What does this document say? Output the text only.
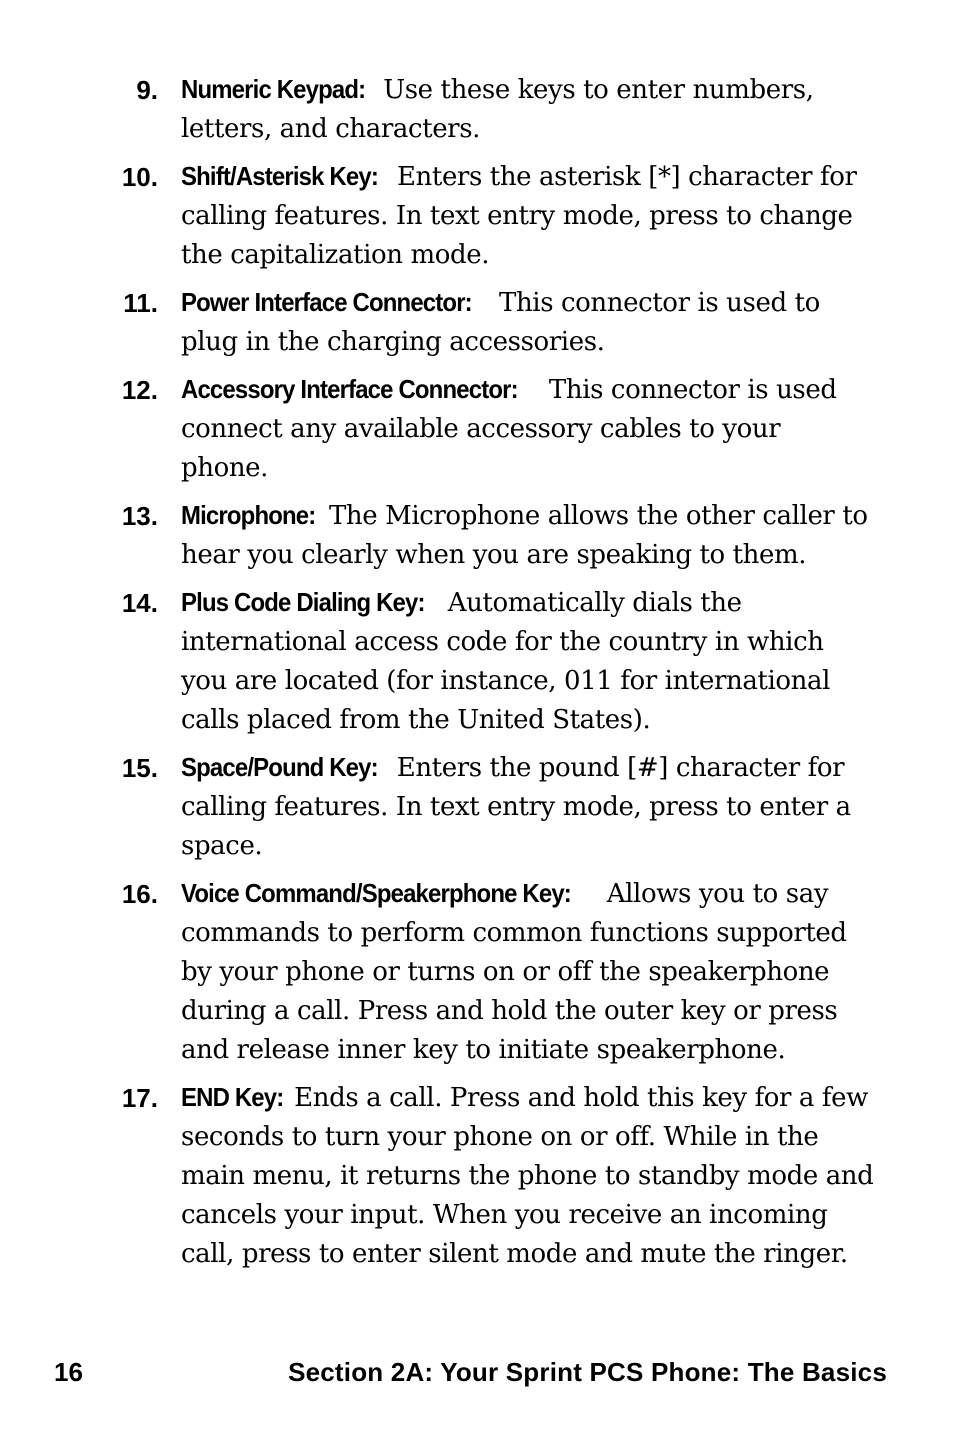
9. Numeric Keypad: Use these keys to enter numbers, letters, and characters.
10. Shift/Asterisk Key: Enters the asterisk [*] character for calling features. In text entry mode, press to change the capitalization mode.
11. Power Interface Connector: This connector is used to plug in the charging accessories.
12. Accessory Interface Connector: This connector is used connect any available accessory cables to your phone.
13. Microphone: The Microphone allows the other caller to hear you clearly when you are speaking to them.
14. Plus Code Dialing Key: Automatically dials the international access code for the country in which you are located (for instance, 011 for international calls placed from the United States).
15. Space/Pound Key: Enters the pound [#] character for calling features. In text entry mode, press to enter a space.
16. Voice Command/Speakerphone Key: Allows you to say commands to perform common functions supported by your phone or turns on or off the speakerphone during a call. Press and hold the outer key or press and release inner key to initiate speakerphone.
17. END Key: Ends a call. Press and hold this key for a few seconds to turn your phone on or off. While in the main menu, it returns the phone to standby mode and cancels your input. When you receive an incoming call, press to enter silent mode and mute the ringer.
16	Section 2A: Your Sprint PCS Phone: The Basics
